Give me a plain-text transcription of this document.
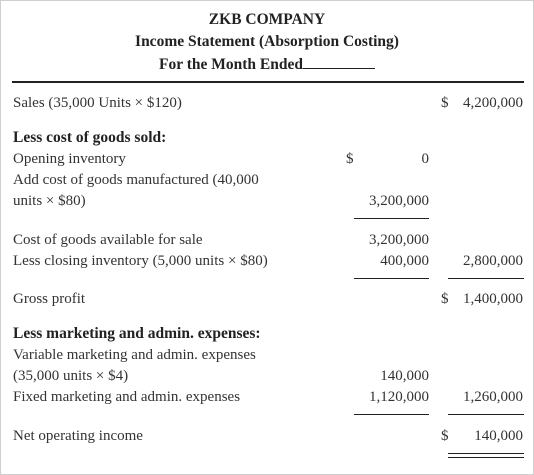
ZKB COMPANY
Income Statement (Absorption Costing)
For the Month Ended
Sales (35,000 Units × $120)	$ 4,200,000
Less cost of goods sold:
Opening inventory	$	0
Add cost of goods manufactured (40,000
units × $80)	3,200,000
Cost of goods available for sale	3,200,000
Less closing inventory (5,000 units × $80)	400,000	2,800,000
Gross profit	$ 1,400,000
Less marketing and admin. expenses:
Variable marketing and admin. expenses
(35,000 units × $4)	140,000
Fixed marketing and admin. expenses	1,120,000	1,260,000
Net operating income	$	140,000
